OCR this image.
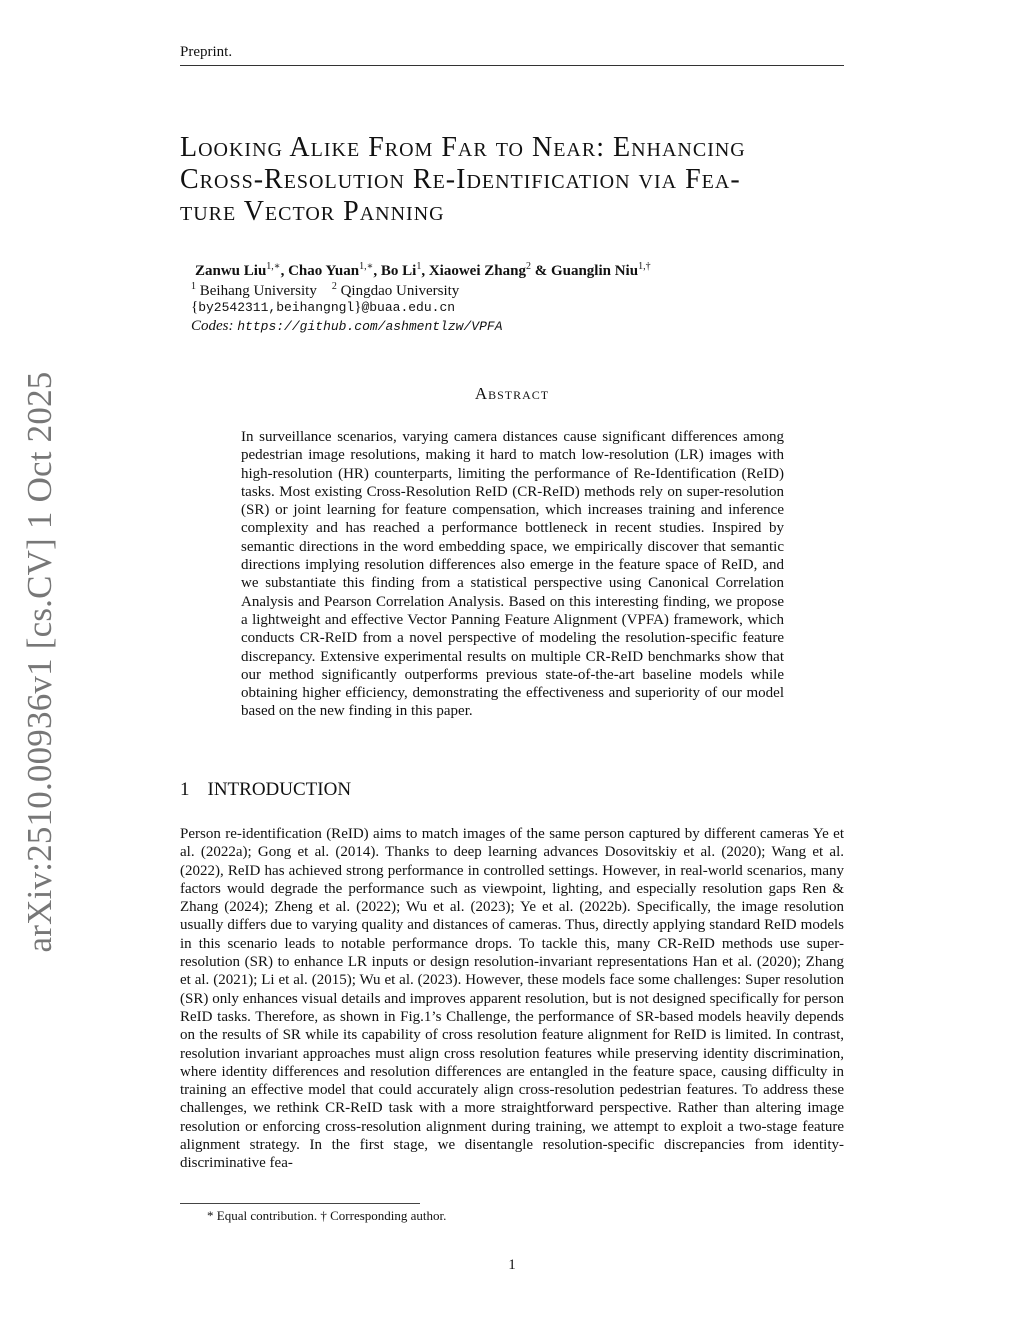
Preprint.
arXiv:2510.00936v1 [cs.CV] 1 Oct 2025
Looking Alike From Far to Near: Enhancing
Cross-Resolution Re-Identification via Fea-
ture Vector Panning
Zanwu Liu$^{1,∗}$, Chao Yuan$^{1,∗}$, Bo Li$^1$, Xiaowei Zhang$^2$ & Guanglin Niu$^{1,\dagger}$
$^1$ Beihang University $^2$ Qingdao University
{by2542311,beihangngl}@buaa.edu.cn
Codes: https://github.com/ashmentlzw/VPFA
Abstract
In surveillance scenarios, varying camera distances cause significant differences among pedestrian image resolutions, making it hard to match low-resolution (LR) images with high-resolution (HR) counterparts, limiting the performance of Re-Identification (ReID) tasks. Most existing Cross-Resolution ReID (CR-ReID) methods rely on super-resolution (SR) or joint learning for feature compensation, which increases training and inference complexity and has reached a performance bottleneck in recent studies. Inspired by semantic directions in the word embedding space, we empirically discover that semantic directions implying resolution differences also emerge in the feature space of ReID, and we substantiate this finding from a statistical perspective using Canonical Correlation Analysis and Pearson Correlation Analysis. Based on this interesting finding, we propose a lightweight and effective Vector Panning Feature Alignment (VPFA) framework, which conducts CR-ReID from a novel perspective of modeling the resolution-specific feature discrepancy. Extensive experimental results on multiple CR-ReID benchmarks show that our method significantly outperforms previous state-of-the-art baseline models while obtaining higher efficiency, demonstrating the effectiveness and superiority of our model based on the new finding in this paper.
1 INTRODUCTION
Person re-identification (ReID) aims to match images of the same person captured by different cameras Ye et al. (2022a); Gong et al. (2014). Thanks to deep learning advances Dosovitskiy et al. (2020); Wang et al. (2022), ReID has achieved strong performance in controlled settings. However, in real-world scenarios, many factors would degrade the performance such as viewpoint, lighting, and especially resolution gaps Ren & Zhang (2024); Zheng et al. (2022); Wu et al. (2023); Ye et al. (2022b). Specifically, the image resolution usually differs due to varying quality and distances of cameras. Thus, directly applying standard ReID models in this scenario leads to notable performance drops. To tackle this, many CR-ReID methods use super-resolution (SR) to enhance LR inputs or design resolution-invariant representations Han et al. (2020); Zhang et al. (2021); Li et al. (2015); Wu et al. (2023). However, these models face some challenges: Super resolution (SR) only enhances visual details and improves apparent resolution, but is not designed specifically for person ReID tasks. Therefore, as shown in Fig.1’s Challenge, the performance of SR-based models heavily depends on the results of SR while its capability of cross resolution feature alignment for ReID is limited. In contrast, resolution invariant approaches must align cross resolution features while preserving identity discrimination, where identity differences and resolution differences are entangled in the feature space, causing difficulty in training an effective model that could accurately align cross-resolution pedestrian features. To address these challenges, we rethink CR-ReID task with a more straightforward perspective. Rather than altering image resolution or enforcing cross-resolution alignment during training, we attempt to exploit a two-stage feature alignment strategy. In the first stage, we disentangle resolution-specific discrepancies from identity-discriminative fea-
* Equal contribution. † Corresponding author.
1
